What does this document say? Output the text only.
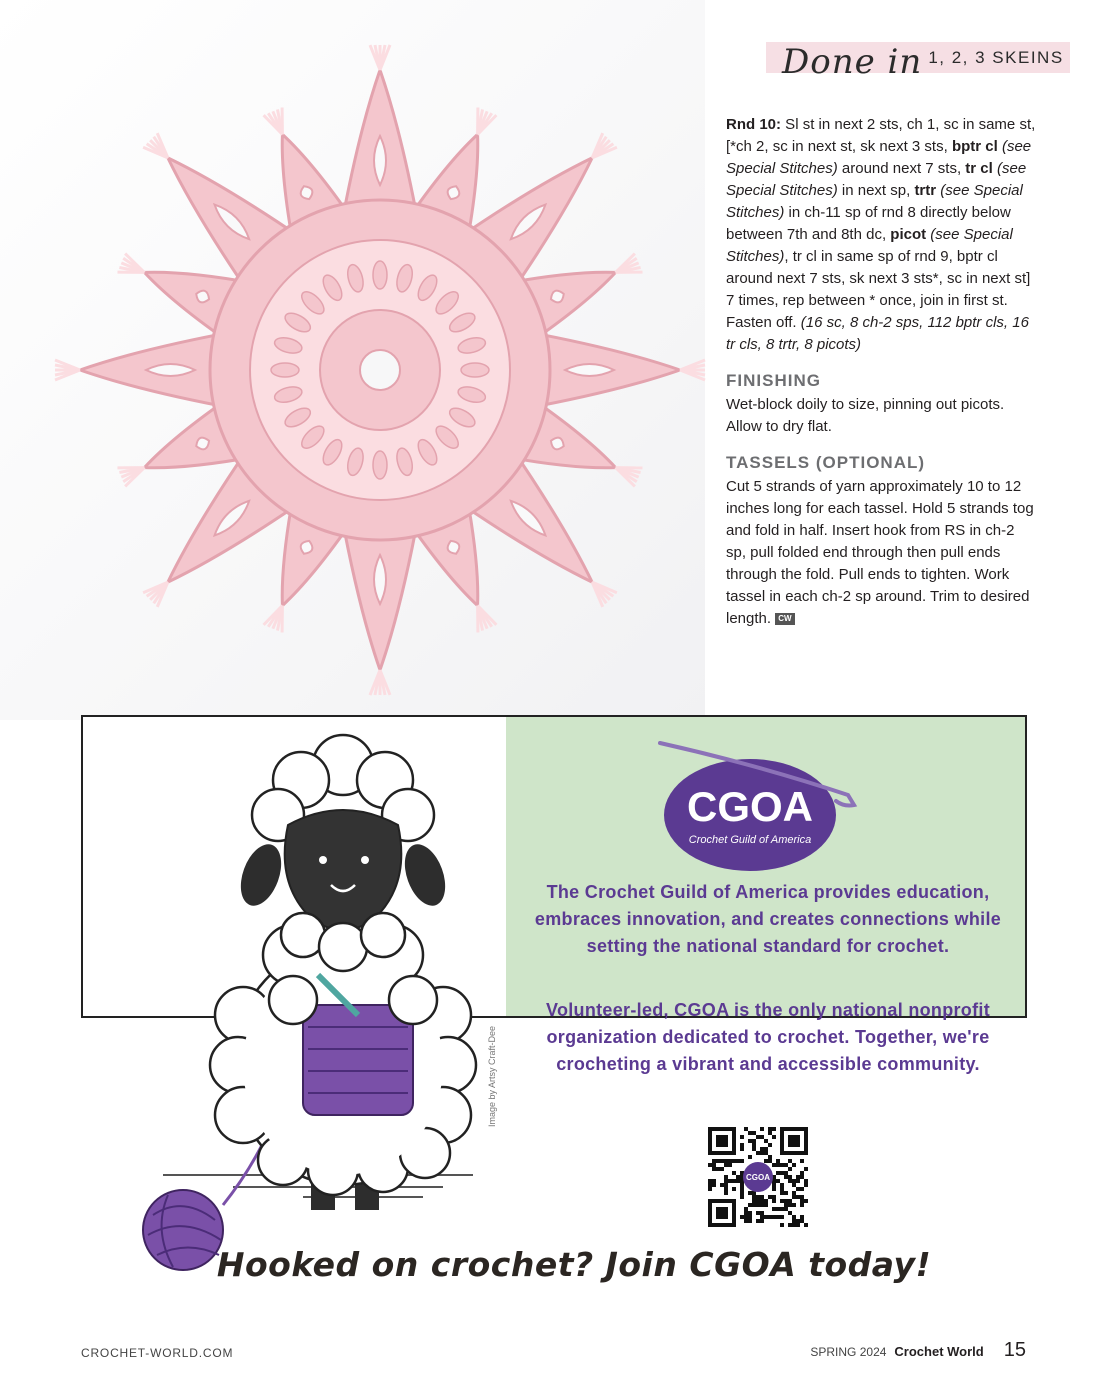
Done in 1, 2, 3 SKEINS

Rnd 10: Sl st in next 2 sts, ch 1, sc in same st, [*ch 2, sc in next st, sk next 3 sts, bptr cl (see Special Stitches) around next 7 sts, tr cl (see Special Stitches) in next sp, trtr (see Special Stitches) in ch-11 sp of rnd 8 directly below between 7th and 8th dc, picot (see Special Stitches), tr cl in same sp of rnd 9, bptr cl around next 7 sts, sk next 3 sts*, sc in next st] 7 times, rep between * once, join in first st. Fasten off. (16 sc, 8 ch-2 sps, 112 bptr cls, 16 tr cls, 8 trtr, 8 picots)

FINISHING

Wet-block doily to size, pinning out picots. Allow to dry flat.

TASSELS (OPTIONAL)

Cut 5 strands of yarn approximately 10 to 12 inches long for each tassel. Hold 5 strands tog and fold in half. Insert hook from RS in ch-2 sp, pull folded end through then pull ends through the fold. Pull ends to tighten. Work tassel in each ch-2 sp around. Trim to desired length. CW

Image by Artsy Craft-Dee
CGOA
Crochet Guild of America
The Crochet Guild of America provides education, embraces innovation, and creates connections while setting the national standard for crochet.
Volunteer-led, CGOA is the only national nonprofit organization dedicated to crochet. Together, we're crocheting a vibrant and accessible community.
CGOA
Hooked on crochet? Join CGOA today!
CROCHET-WORLD.COM	SPRING 2024 Crochet World 15
